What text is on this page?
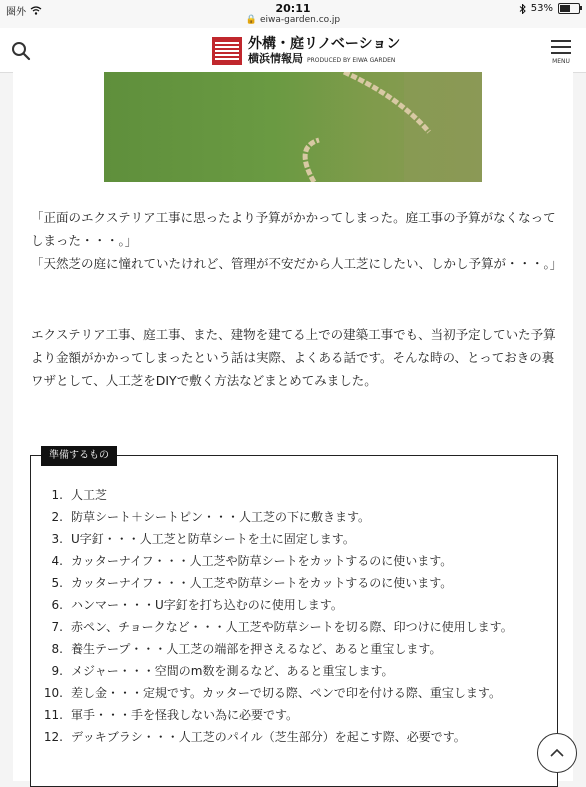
圏外	20:11
🔒 eiwa-garden.co.jp
53%
外構・庭リノベーション
横浜情報局 PRODUCED BY EIWA GARDEN	MENU

「正面のエクステリア工事に思ったより予算がかかってしまった。庭工事の予算がなくなってしまった・・・。」
「天然芝の庭に憧れていたけれど、管理が不安だから人工芝にしたい、しかし予算が・・・。」

エクステリア工事、庭工事、また、建物を建てる上での建築工事でも、当初予定していた予算より金額がかかってしまったという話は実際、よくある話です。そんな時の、とっておきの裏ワザとして、人工芝をDIYで敷く方法などまとめてみました。

準備するもの
1. 人工芝
2. 防草シート＋シートピン・・・人工芝の下に敷きます。
3. U字釘・・・人工芝と防草シートを土に固定します。
4. カッターナイフ・・・人工芝や防草シートをカットするのに使います。
5. カッターナイフ・・・人工芝や防草シートをカットするのに使います。
6. ハンマー・・・U字釘を打ち込むのに使用します。
7. 赤ペン、チョークなど・・・人工芝や防草シートを切る際、印つけに使用します。
8. 養生テープ・・・人工芝の端部を押さえるなど、あると重宝します。
9. メジャー・・・空間のm数を測るなど、あると重宝します。
10. 差し金・・・定規です。カッターで切る際、ペンで印を付ける際、重宝します。
11. 軍手・・・手を怪我しない為に必要です。
12. デッキブラシ・・・人工芝のパイル（芝生部分）を起こす際、必要です。
